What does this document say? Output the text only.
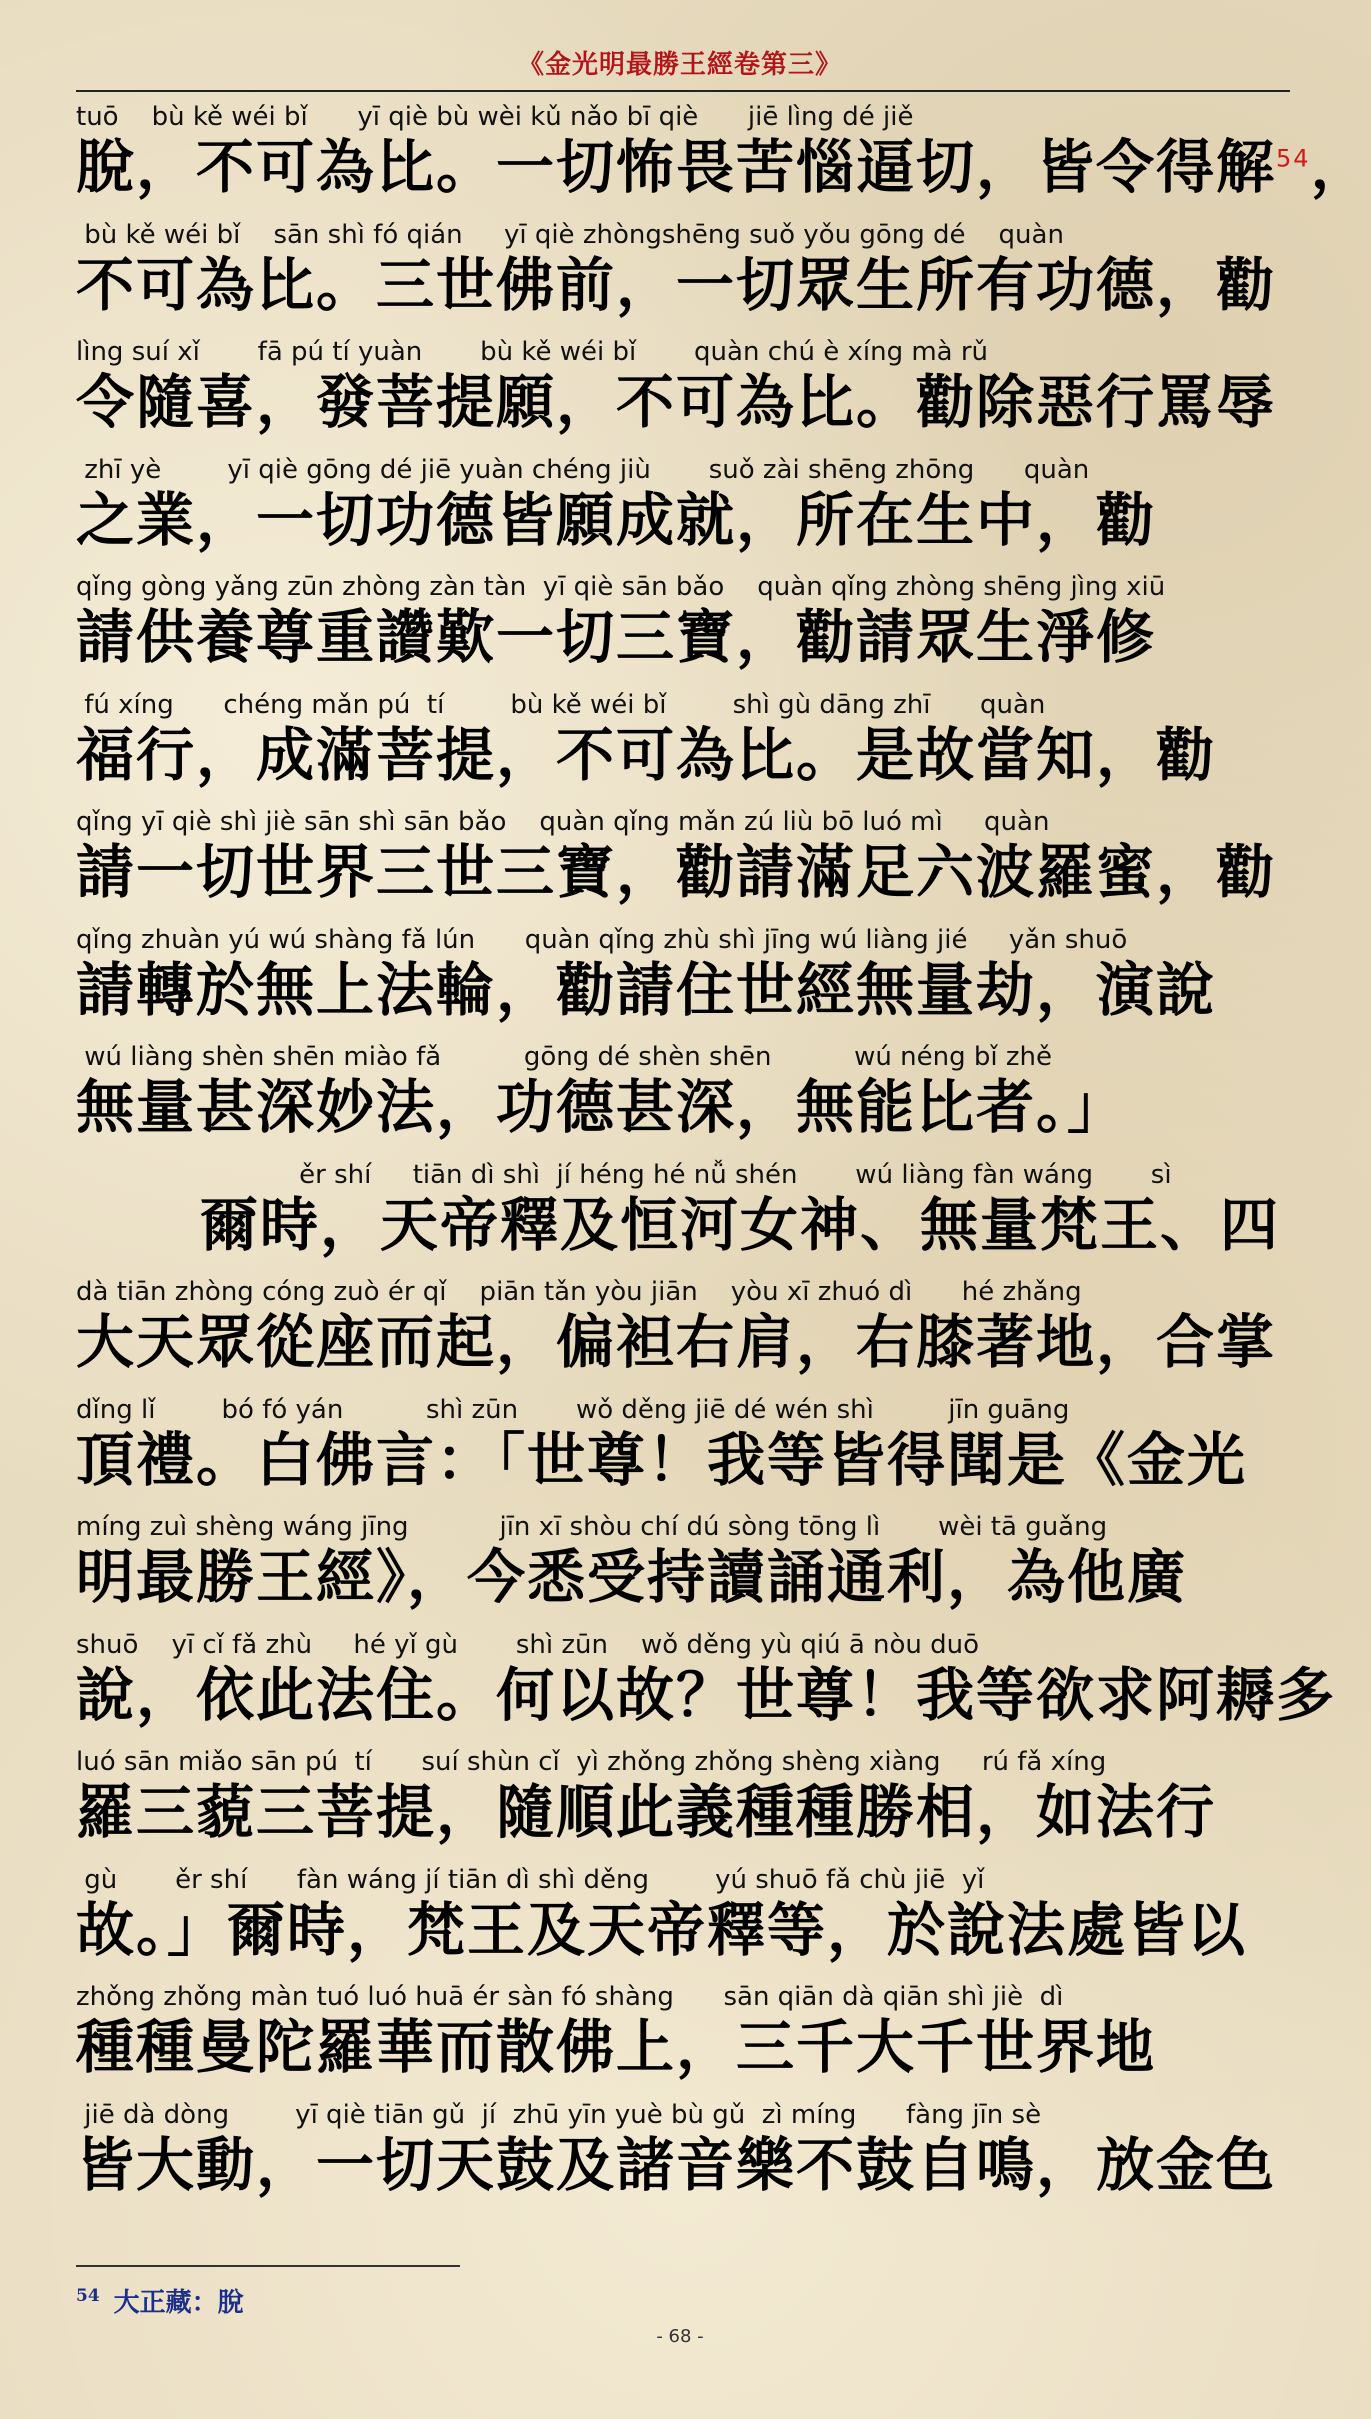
《金光明最勝王經卷第三》
tuō    bù kě wéi bǐ      yī qiè bù wèi kǔ nǎo bī qiè      jiē lìng dé jiě
脫，不可為比。一切怖畏苦惱逼切，皆令得解$^{54}$，
bù kě wéi bǐ    sān shì fó qián     yī qiè zhòngshēng suǒ yǒu gōng dé    quàn
不可為比。三世佛前，一切眾生所有功德，勸
lìng suí xǐ       fā pú tí yuàn       bù kě wéi bǐ       quàn chú è xíng mà rǔ
令隨喜，發菩提願，不可為比。勸除惡行罵辱
zhī yè        yī qiè gōng dé jiē yuàn chéng jiù       suǒ zài shēng zhōng      quàn
之業，一切功德皆願成就，所在生中，勸
qǐng gòng yǎng zūn zhòng zàn tàn  yī qiè sān bǎo    quàn qǐng zhòng shēng jìng xiū
請供養尊重讚歎一切三寶，勸請眾生淨修
fú xíng      chéng mǎn pú  tí        bù kě wéi bǐ        shì gù dāng zhī      quàn
福行，成滿菩提，不可為比。是故當知，勸
qǐng yī qiè shì jiè sān shì sān bǎo    quàn qǐng mǎn zú liù bō luó mì     quàn
請一切世界三世三寶，勸請滿足六波羅蜜，勸
qǐng zhuàn yú wú shàng fǎ lún      quàn qǐng zhù shì jīng wú liàng jié     yǎn shuō
請轉於無上法輪，勸請住世經無量劫，演說
wú liàng shèn shēn miào fǎ          gōng dé shèn shēn          wú néng bǐ zhě
無量甚深妙法，功德甚深，無能比者。」
ěr shí     tiān dì shì  jí héng hé nǚ shén       wú liàng fàn wáng       sì
爾時，天帝釋及恒河女神、無量梵王、四
dà tiān zhòng cóng zuò ér qǐ    piān tǎn yòu jiān    yòu xī zhuó dì      hé zhǎng
大天眾從座而起，偏袒右肩，右膝著地，合掌
dǐng lǐ        bó fó yán          shì zūn       wǒ děng jiē dé wén shì         jīn guāng
頂禮。白佛言：「世尊！我等皆得聞是《金光
míng zuì shèng wáng jīng           jīn xī shòu chí dú sòng tōng lì       wèi tā guǎng
明最勝王經》，今悉受持讀誦通利，為他廣
shuō    yī cǐ fǎ zhù     hé yǐ gù       shì zūn    wǒ děng yù qiú ā nòu duō
說，依此法住。何以故？世尊！我等欲求阿耨多
luó sān miǎo sān pú  tí      suí shùn cǐ  yì zhǒng zhǒng shèng xiàng     rú fǎ xíng
羅三藐三菩提，隨順此義種種勝相，如法行
gù       ěr shí      fàn wáng jí tiān dì shì děng        yú shuō fǎ chù jiē  yǐ
故。」爾時，梵王及天帝釋等，於說法處皆以
zhǒng zhǒng màn tuó luó huā ér sàn fó shàng      sān qiān dà qiān shì jiè  dì
種種曼陀羅華而散佛上，三千大千世界地
jiē dà dòng        yī qiè tiān gǔ  jí  zhū yīn yuè bù gǔ  zì míng      fàng jīn sè
皆大動，一切天鼓及諸音樂不鼓自鳴，放金色
$^{54}$ 大正藏：脫
- 68 -
